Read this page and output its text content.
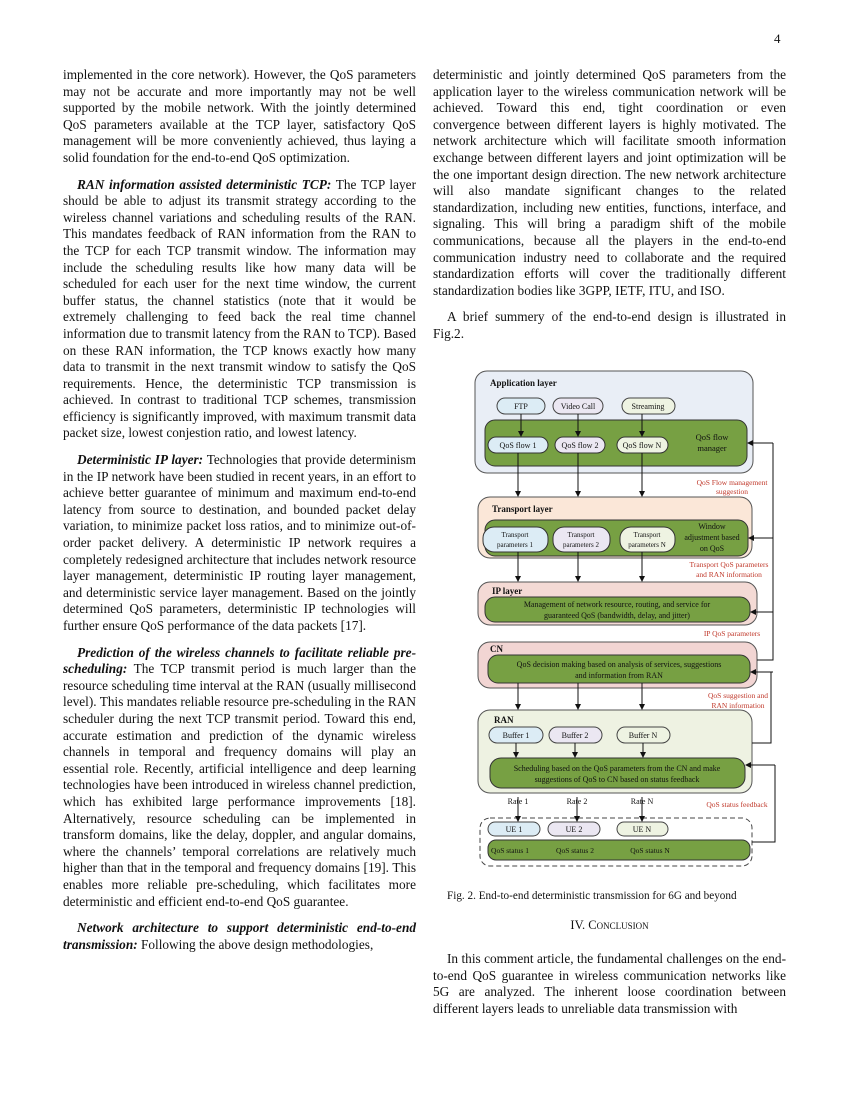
4

implemented in the core network). However, the QoS parameters may not be accurate and more importantly may not be well supported by the mobile network. With the jointly determined QoS parameters available at the TCP layer, satisfactory QoS management will be more conveniently achieved, thus laying a solid foundation for the end-to-end QoS optimization.

RAN information assisted deterministic TCP: The TCP layer should be able to adjust its transmit strategy according to the wireless channel variations and scheduling results of the RAN. This mandates feedback of RAN information from the RAN to the TCP for each TCP transmit window. The information may include the scheduling results like how many data will be scheduled for each user for the next time window, the current buffer status, the channel statistics (note that it would be extremely challenging to feed back the real time channel information due to transmit latency from the RAN to TCP). Based on these RAN information, the TCP knows exactly how many data to transmit in the next transmit window to satisfy the QoS requirements. Hence, the deterministic TCP transmission is achieved. In contrast to traditional TCP schemes, transmission efficiency is significantly improved, with maximum transmit data packet size, lowest conjestion ratio, and lowest latency.

Deterministic IP layer: Technologies that provide determinism in the IP network have been studied in recent years, in an effort to achieve better guarantee of minimum and maximum end-to-end latency from source to destination, and bounded packet delay variation, to minimize packet loss ratios, and to minimize out-of-order packet delivery. A deterministic IP network requires a completely redesigned architecture that includes network resource layer management, deterministic IP routing layer management, and deterministic service layer management. Based on the jointly determined QoS parameters, deterministic IP technologies will further ensure QoS performance of the data packets [17].

Prediction of the wireless channels to facilitate reliable pre-scheduling: The TCP transmit period is much larger than the resource scheduling time interval at the RAN (usually millisecond level). This mandates reliable resource pre-scheduling in the RAN scheduler during the next TCP transmit period. Toward this end, accurate estimation and prediction of the dynamic wireless channels in temporal and frequency domains will play an essential role. Recently, artificial intelligence and deep learning technologies have been introduced in wireless channel prediction, which has exhibited large performance improvements [18]. Alternatively, resource scheduling can be implemented in transform domains, like the delay, doppler, and angular domains, where the channels’ temporal correlations are relatively much higher than that in the temporal and frequency domains [19]. This enables more reliable pre-scheduling, which facilitates more deterministic and efficient end-to-end QoS guarantee.

Network architecture to support deterministic end-to-end transmission: Following the above design methodologies,

deterministic and jointly determined QoS parameters from the application layer to the wireless communication network will be achieved. Toward this end, tight coordination or even convergence between different layers is highly motivated. The network architecture which will facilitate smooth information exchange between different layers and joint optimization will be the one important design direction. The new network architecture will also mandate significant changes to the related standardization, including new entities, functions, interface, and signaling. This will bring a paradigm shift of the mobile communications, because all the players in the end-to-end communication industry need to collaborate and the required standardization efforts will cover the traditionally different standardization bodies like 3GPP, IETF, ITU, and ISO.

A brief summery of the end-to-end design is illustrated in Fig.2.

Application layer
FTP	Video Call	Streaming
QoS flow 1	QoS flow 2	QoS flow N
QoS flow
manager
Transport layer
Transport
parameters 1
Transport
parameters 2
Transport
parameters N
Window
adjustment based
on QoS
IP layer
Management of network resource, routing, and service for
guaranteed QoS (bandwidth, delay, and jitter)
CN
QoS decision making based on analysis of services, suggestions
and information from RAN
RAN
Buffer 1	Buffer 2	Buffer N
Scheduling based on the QoS parameters from the CN and make
suggestions of QoS to CN based on status feedback
Rate 1	Rate 2	Rate N
UE 1	UE 2	UE N
QoS status 1	QoS status 2	QoS status N
QoS Flow management
suggestion
Transport QoS parameters
and RAN information
IP QoS parameters
QoS suggestion and
RAN information
QoS status feedback
Fig. 2. End-to-end deterministic transmission for 6G and beyond
IV. Conclusion

In this comment article, the fundamental challenges on the end-to-end QoS guarantee in wireless communication networks like 5G are analyzed. The inherent loose coordination between different layers leads to unreliable data transmission with
